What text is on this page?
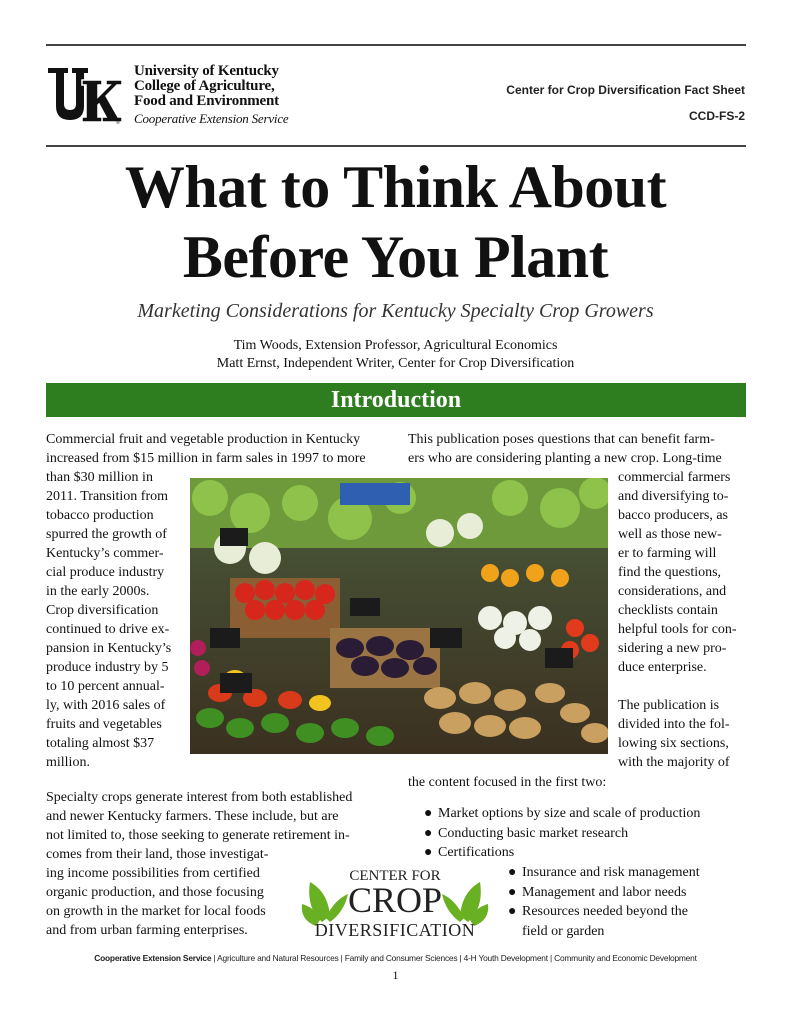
®
University of Kentucky
College of Agriculture,
Food and Environment
Cooperative Extension Service
Center for Crop Diversification Fact Sheet
CCD-FS-2
What to Think About
Before You Plant
Marketing Considerations for Kentucky Specialty Crop Growers
Tim Woods, Extension Professor, Agricultural Economics
Matt Ernst, Independent Writer, Center for Crop Diversification
Introduction
Commercial fruit and vegetable production in Kentucky
increased from $15 million in farm sales in 1997 to more
than $30 million in
2011. Transition from
tobacco production
spurred the growth of
Kentucky’s commer-
cial produce industry
in the early 2000s.
Crop diversification
continued to drive ex-
pansion in Kentucky’s
produce industry by 5
to 10 percent annual-
ly, with 2016 sales of
fruits and vegetables
totaling almost $37
million.
Specialty crops generate interest from both established
and newer Kentucky farmers. These include, but are
not limited to, those seeking to generate retirement in-
comes from their land, those investigat-
ing income possibilities from certified
organic production, and those focusing
on growth in the market for local foods
and from urban farming enterprises.
This publication poses questions that can benefit farm-
ers who are considering planting a new crop. Long-time
commercial farmers
and diversifying to-
bacco producers, as
well as those new-
er to farming will
find the questions,
considerations, and
checklists contain
helpful tools for con-
sidering a new pro-
duce enterprise.
The publication is
divided into the fol-
lowing six sections,
with the majority of
the content focused in the first two:
● Market options by size and scale of production
● Conducting basic market research
● Certifications
● Insurance and risk management
● Management and labor needs
● Resources needed beyond the
field or garden
CENTER FOR
CROP
DIVERSIFICATION
Cooperative Extension Service | Agriculture and Natural Resources | Family and Consumer Sciences | 4-H Youth Development | Community and Economic Development
1
